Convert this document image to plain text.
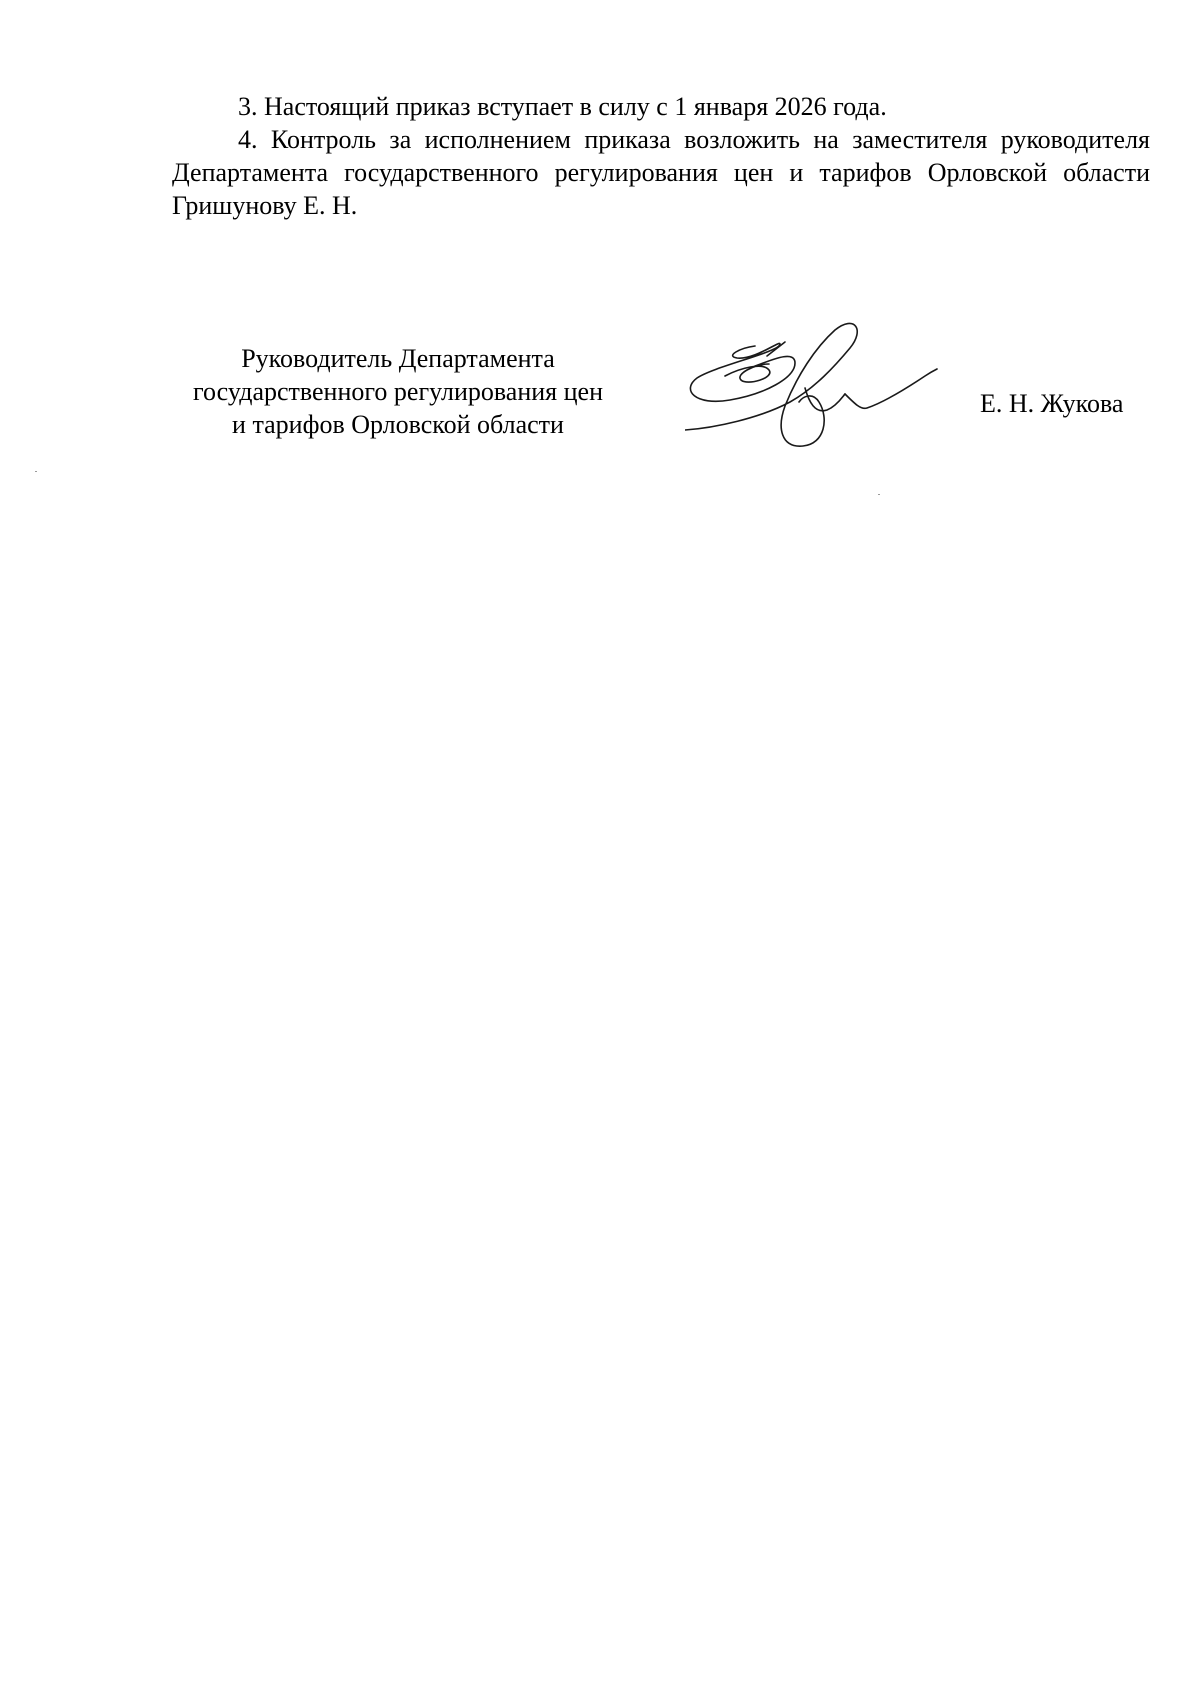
3. Настоящий приказ вступает в силу с 1 января 2026 года.

4. Контроль за исполнением приказа возложить на заместителя руководителя Департамента государственного регулирования цен и тарифов Орловской области Гришунову Е. Н.

Руководитель Департамента
государственного регулирования цен
и тарифов Орловской области
Е. Н. Жукова
